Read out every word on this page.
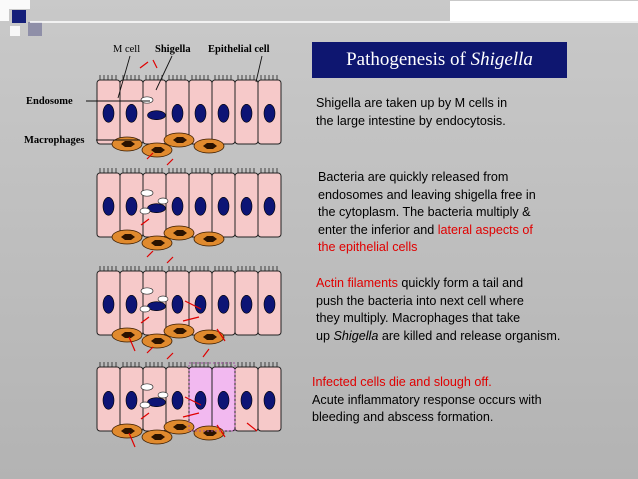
Pathogenesis of Shigella
M cell Shigella Epithelial cell
Endosome
Macrophages
Shigella are taken up by M cells in
the large intestine by endocytosis.
Bacteria are quickly released from
endosomes and leaving shigella free in
the cytoplasm. The bacteria multiply &
enter the inferior and lateral aspects of
the epithelial cells
Actin filaments quickly form a tail and
push the bacteria into next cell where
they multiply. Macrophages that take
up Shigella are killed and release organism.
Infected cells die and slough off.
Acute inflammatory response occurs with
bleeding and abscess formation.
